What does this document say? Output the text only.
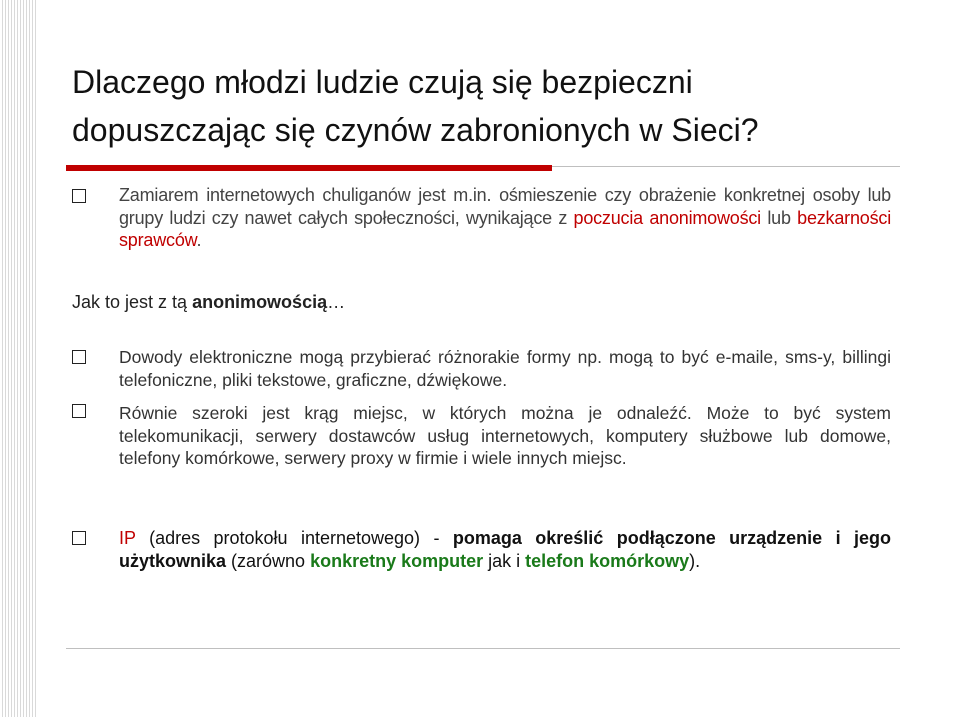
Dlaczego młodzi ludzie czują się bezpieczni
dopuszczając się czynów zabronionych w Sieci?
Zamiarem internetowych chuliganów jest m.in. ośmieszenie czy obrażenie konkretnej osoby lub grupy ludzi czy nawet całych społeczności, wynikające z poczucia anonimowości lub bezkarności sprawców.
Jak to jest z tą anonimowością…
Dowody elektroniczne mogą przybierać różnorakie formy np. mogą to być e-maile, sms-y, billingi telefoniczne, pliki tekstowe, graficzne, dźwiękowe.
Równie szeroki jest krąg miejsc, w których można je odnaleźć. Może to być system telekomunikacji, serwery dostawców usług internetowych, komputery służbowe lub domowe, telefony komórkowe, serwery proxy w firmie i wiele innych miejsc.
IP (adres protokołu internetowego) - pomaga określić podłączone urządzenie i jego użytkownika (zarówno konkretny komputer jak i telefon komórkowy).
